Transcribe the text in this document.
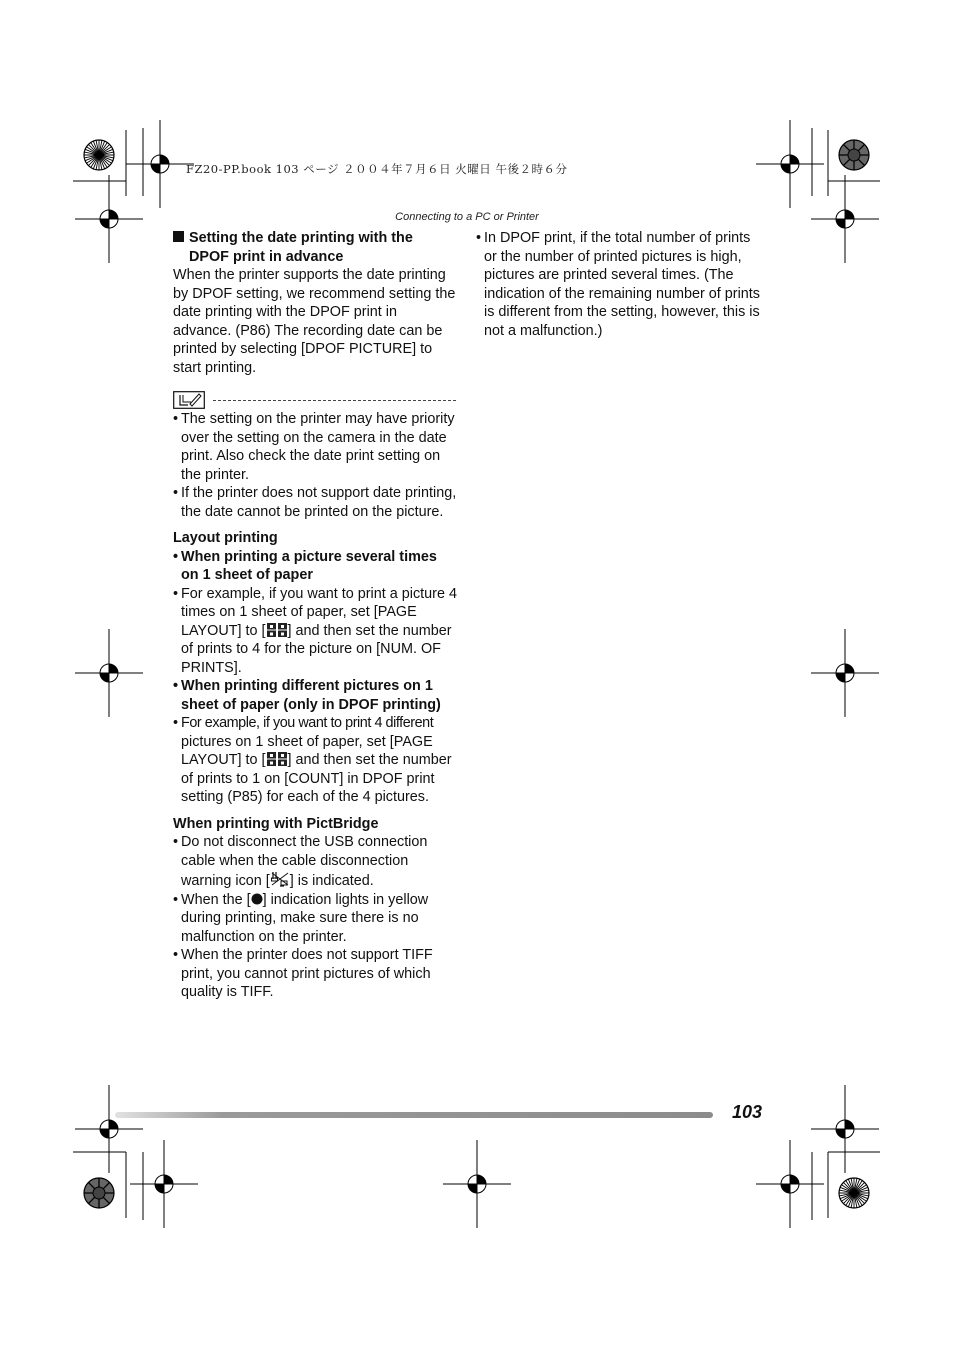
FZ20-PP.book 103 ページ ２００４年７月６日 火曜日 午後２時６分
Connecting to a PC or Printer
Setting the date printing with the
DPOF print in advance

When the printer supports the date printing by DPOF setting, we recommend setting the date printing with the DPOF print in advance. (P86) The recording date can be printed by selecting [DPOF PICTURE] to start printing.

• The setting on the printer may have priority over the setting on the camera in the date print. Also check the date print setting on the printer.

• If the printer does not support date printing, the date cannot be printed on the picture.

Layout printing

• When printing a picture several times on 1 sheet of paper

• For example, if you want to print a picture 4 times on 1 sheet of paper, set [PAGE LAYOUT] to [ ] and then set the number of prints to 4 for the picture on [NUM. OF PRINTS].

• When printing different pictures on 1 sheet of paper (only in DPOF printing)

• For example, if you want to print 4 different
pictures on 1 sheet of paper, set [PAGE LAYOUT] to [ ] and then set the number of prints to 1 on [COUNT] in DPOF print setting (P85) for each of the 4 pictures.

When printing with PictBridge

• Do not disconnect the USB connection cable when the cable disconnection warning icon [ ] is indicated.

• When the [ ] indication lights in yellow during printing, make sure there is no malfunction on the printer.

• When the printer does not support TIFF print, you cannot print pictures of which quality is TIFF.

• In DPOF print, if the total number of prints or the number of printed pictures is high, pictures are printed several times. (The indication of the remaining number of prints is different from the setting, however, this is not a malfunction.)

103
